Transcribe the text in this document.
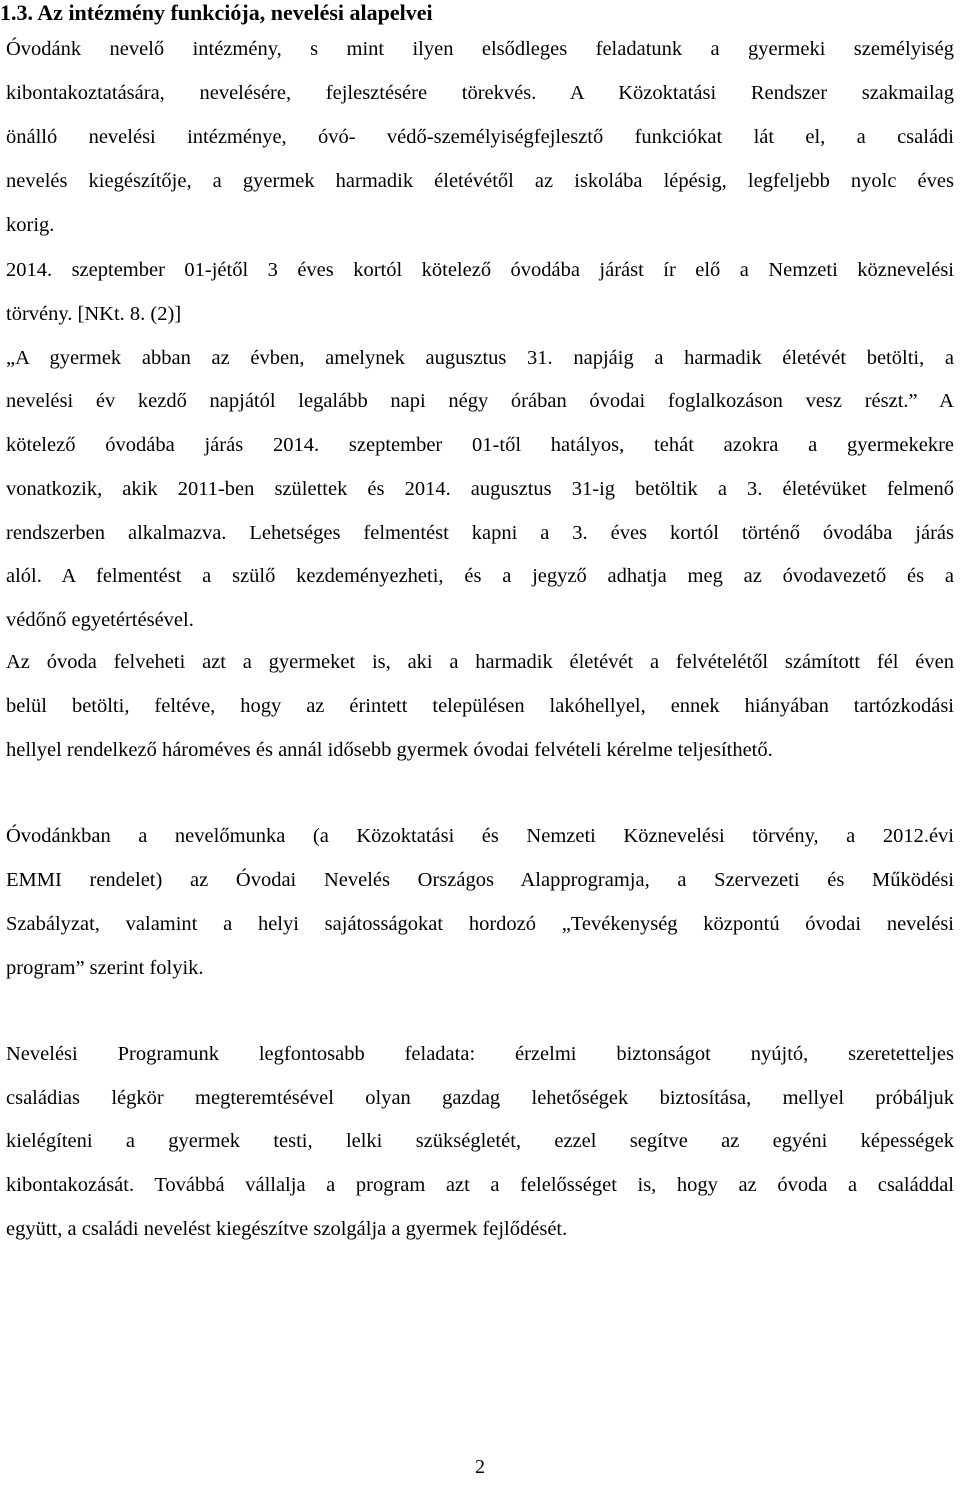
1.3. Az intézmény funkciója, nevelési alapelvei
Óvodánk nevelő intézmény, s mint ilyen elsődleges feladatunk a gyermeki személyiség
kibontakoztatására, nevelésére, fejlesztésére törekvés. A Közoktatási Rendszer szakmailag
önálló nevelési intézménye, óvó- védő-személyiségfejlesztő funkciókat lát el, a családi
nevelés kiegészítője, a gyermek harmadik életévétől az iskolába lépésig, legfeljebb nyolc éves
korig.
2014. szeptember 01-jétől 3 éves kortól kötelező óvodába járást ír elő a Nemzeti köznevelési
törvény. [NKt. 8. (2)]
„A gyermek abban az évben, amelynek augusztus 31. napjáig a harmadik életévét betölti, a
nevelési év kezdő napjától legalább napi négy órában óvodai foglalkozáson vesz részt.” A
kötelező óvodába járás 2014. szeptember 01-től hatályos, tehát azokra a gyermekekre
vonatkozik, akik 2011-ben születtek és 2014. augusztus 31-ig betöltik a 3. életévüket felmenő
rendszerben alkalmazva. Lehetséges felmentést kapni a 3. éves kortól történő óvodába járás
alól. A felmentést a szülő kezdeményezheti, és a jegyző adhatja meg az óvodavezető és a
védőnő egyetértésével.
Az óvoda felveheti azt a gyermeket is, aki a harmadik életévét a felvételétől számított fél éven
belül betölti, feltéve, hogy az érintett településen lakóhellyel, ennek hiányában tartózkodási
hellyel rendelkező hároméves és annál idősebb gyermek óvodai felvételi kérelme teljesíthető.
Óvodánkban a nevelőmunka (a Közoktatási és Nemzeti Köznevelési törvény, a 2012.évi
EMMI rendelet) az Óvodai Nevelés Országos Alapprogramja, a Szervezeti és Működési
Szabályzat, valamint a helyi sajátosságokat hordozó „Tevékenység központú óvodai nevelési
program” szerint folyik.
Nevelési Programunk legfontosabb feladata: érzelmi biztonságot nyújtó, szeretetteljes
családias légkör megteremtésével olyan gazdag lehetőségek biztosítása, mellyel próbáljuk
kielégíteni a gyermek testi, lelki szükségletét, ezzel segítve az egyéni képességek
kibontakozását. Továbbá vállalja a program azt a felelősséget is, hogy az óvoda a családdal
együtt, a családi nevelést kiegészítve szolgálja a gyermek fejlődését.
2
